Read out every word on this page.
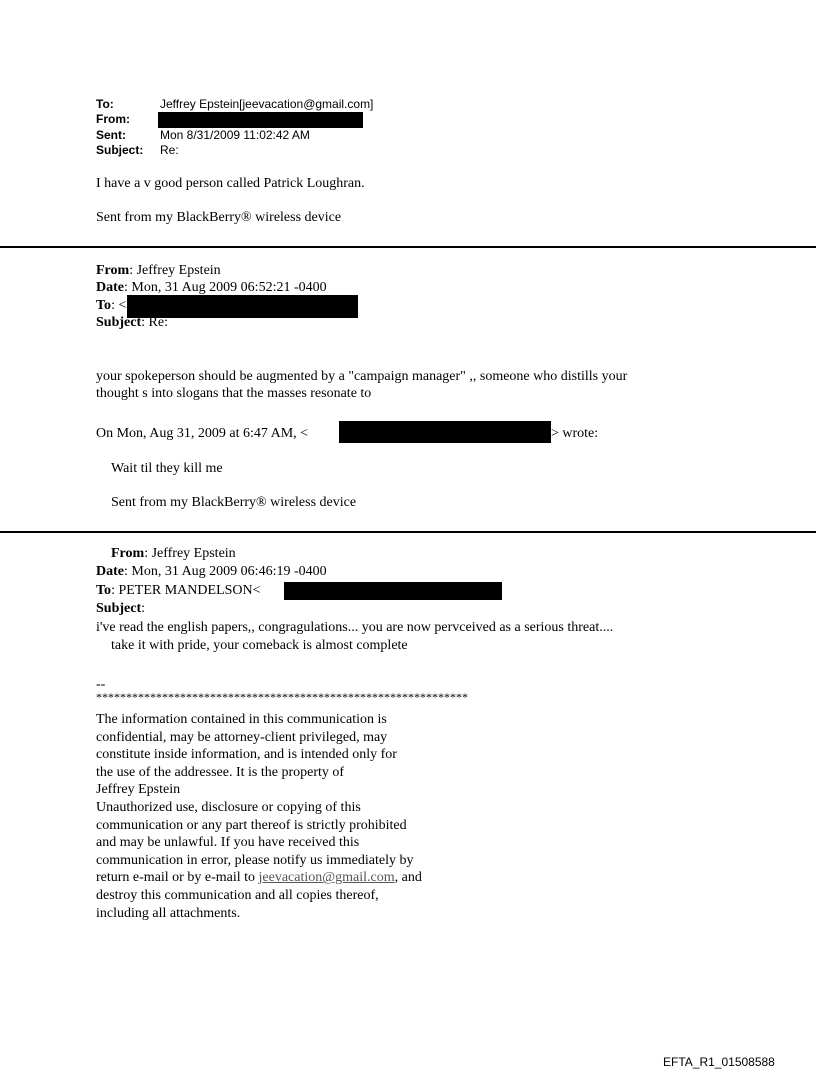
To:	Jeffrey Epstein[jeevacation@gmail.com]
From:
Sent:	Mon 8/31/2009 11:02:42 AM
Subject: Re:
I have a v good person called Patrick Loughran.
Sent from my BlackBerry® wireless device
From: Jeffrey Epstein
Date: Mon, 31 Aug 2009 06:52:21 -0400
To: <
Subject: Re:
your spokeperson should be augmented by a "campaign manager" ,, someone who distills your
thought s into slogans that the masses resonate to
On Mon, Aug 31, 2009 at 6:47 AM, <	> wrote:
Wait til they kill me
Sent from my BlackBerry® wireless device
From: Jeffrey Epstein
Date: Mon, 31 Aug 2009 06:46:19 -0400
To: PETER MANDELSON<
Subject:
i've read the english papers,, congragulations... you are now pervceived as a serious threat....
take it with pride, your comeback is almost complete
--
**************************************************************
The information contained in this communication is
confidential, may be attorney-client privileged, may
constitute inside information, and is intended only for
the use of the addressee. It is the property of
Jeffrey Epstein
Unauthorized use, disclosure or copying of this
communication or any part thereof is strictly prohibited
and may be unlawful. If you have received this
communication in error, please notify us immediately by
return e-mail or by e-mail to jeevacation@gmail.com, and
destroy this communication and all copies thereof,
including all attachments.
EFTA_R1_01508588
